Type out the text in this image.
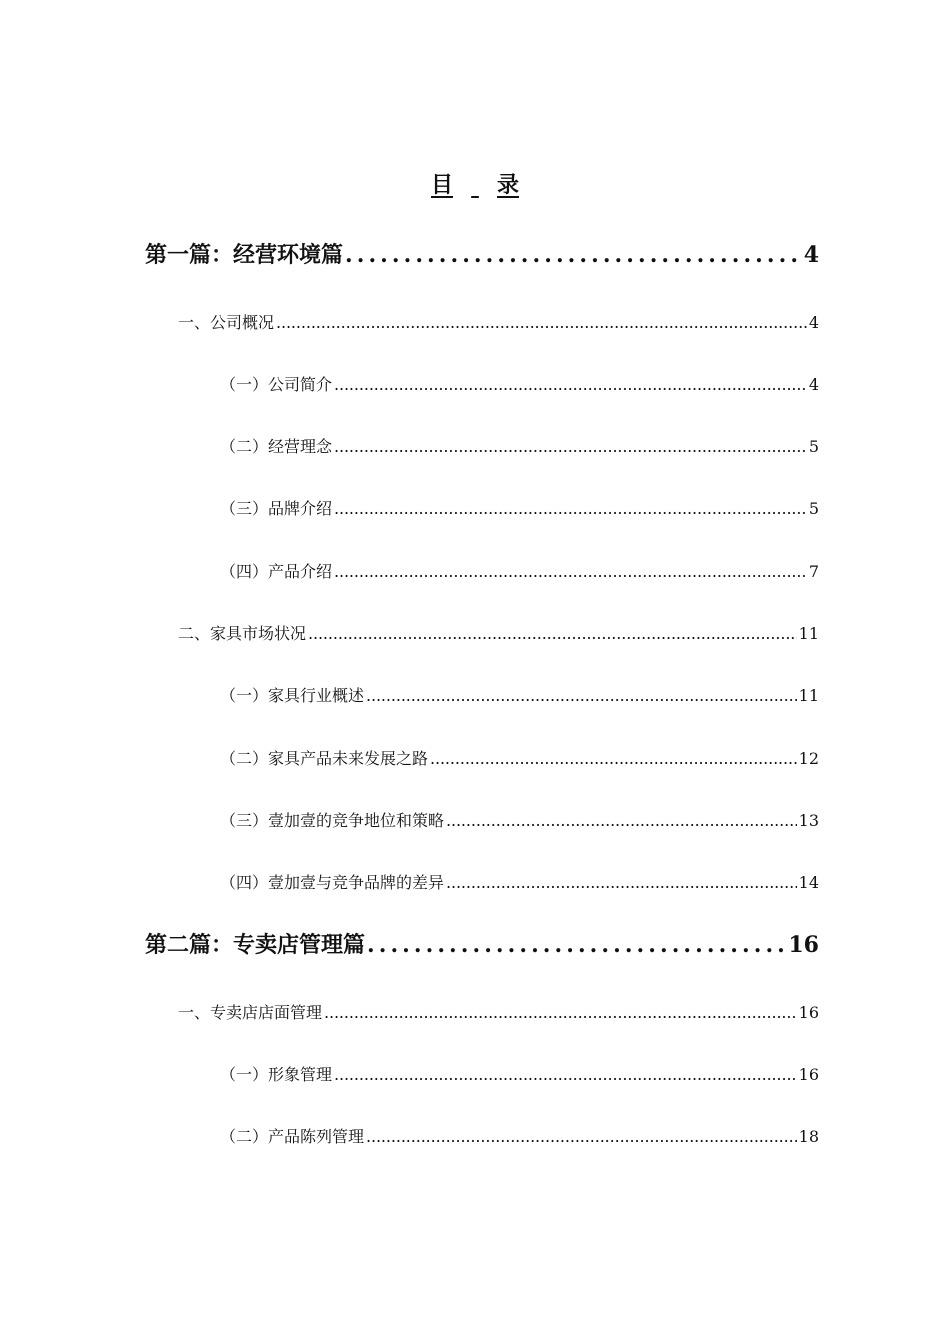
目 录
第一篇：经营环境篇 . . .	4
一、公司概况 . . .	4
（一）公司简介 . . .	4
（二）经营理念 . . .	5
（三）品牌介绍 . . .	5
（四）产品介绍 . . .	7
二、家具市场状况 . . .	11
（一）家具行业概述 . . .	11
（二）家具产品未来发展之路 . . .	12
（三）壹加壹的竞争地位和策略 . . .	13
（四）壹加壹与竞争品牌的差异 . . .	14
第二篇：专卖店管理篇 . . .	16
一、专卖店店面管理 . . .	16
（一）形象管理 . . .	16
（二）产品陈列管理 . . .	18
